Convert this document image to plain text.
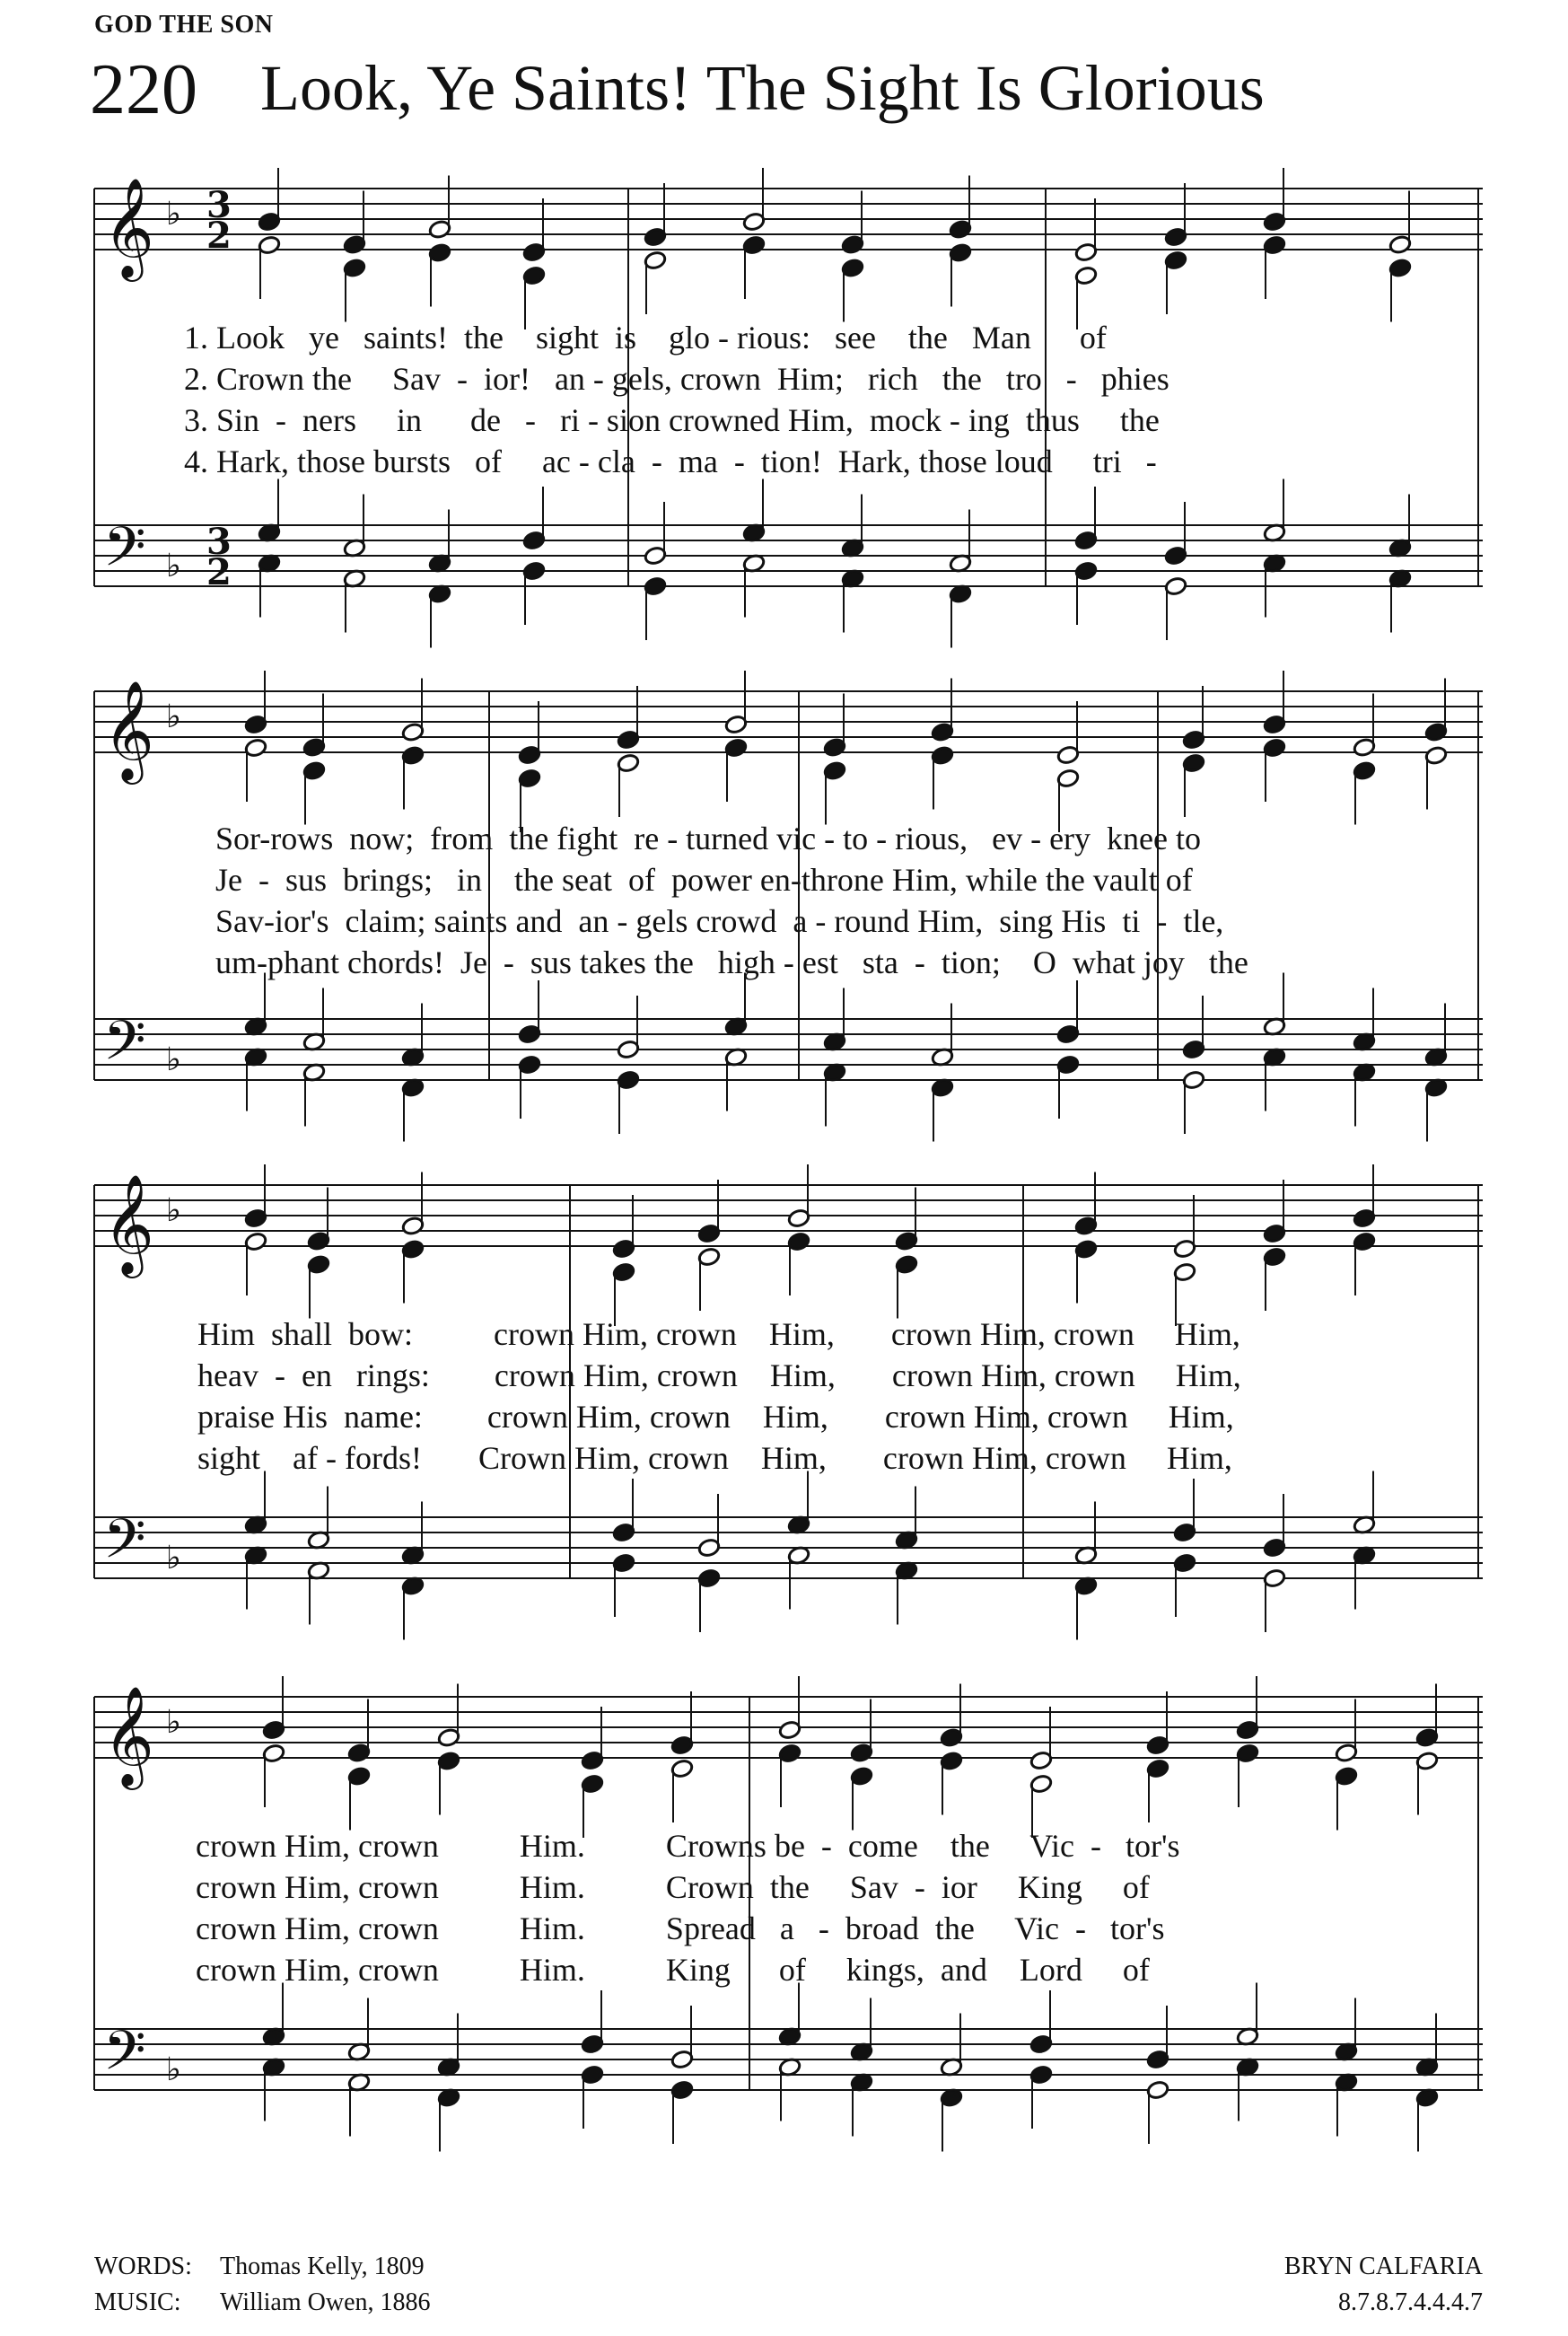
GOD THE SON
220 Look, Ye Saints! The Sight Is Glorious
𝄞
𝄢
♭
♭
3
3
2
2
𝄞
𝄢
♭
♭
𝄞
𝄢
♭
♭
𝄞
𝄢
♭
♭
1. Look   ye   saints!  the    sight  is    glo - rious:   see    the   Man      of
2. Crown the     Sav  -  ior!   an - gels, crown  Him;   rich   the   tro   -   phies
3. Sin  -  ners     in      de   -   ri - sion crowned Him,  mock - ing  thus     the
4. Hark, those bursts   of     ac - cla  -  ma  -  tion!  Hark, those loud     tri   -
Sor-rows  now;  from  the fight  re - turned vic - to - rious,   ev - ery  knee to
Je  -  sus  brings;   in    the seat  of  power en-throne Him, while the vault of
Sav-ior's  claim; saints and  an - gels crowd  a - round Him,  sing His  ti  -  tle,
um-phant chords!  Je  -  sus takes the   high - est   sta  -  tion;    O  what joy   the
Him  shall  bow:          crown Him, crown    Him,       crown Him, crown     Him,
heav  -  en   rings:        crown Him, crown    Him,       crown Him, crown     Him,
praise His  name:        crown Him, crown    Him,       crown Him, crown     Him,
sight    af - fords!       Crown Him, crown    Him,       crown Him, crown     Him,
crown Him, crown          Him.          Crowns be  -  come    the     Vic  -   tor's
crown Him, crown          Him.          Crown  the     Sav  -  ior     King     of
crown Him, crown          Him.          Spread   a   -  broad  the     Vic  -   tor's
crown Him, crown          Him.          King      of     kings,  and    Lord     of
WORDS: Thomas Kelly, 1809
MUSIC: William Owen, 1886
BRYN CALFARIA
8.7.8.7.4.4.4.7
